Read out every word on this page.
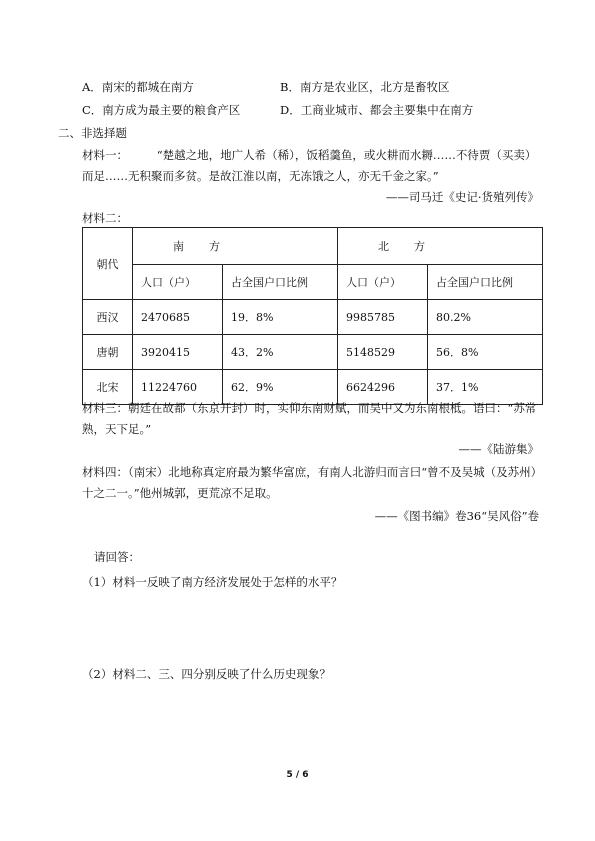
A．南宋的都城在南方	B．南方是农业区，北方是畜牧区
C．南方成为最主要的粮食产区	D．工商业城市、都会主要集中在南方
二、非选择题
材料一：　　　“楚越之地，地广人希（稀），饭稻羹鱼，或火耕而水耨……不待贾（买卖）而足……无积聚而多贫。是故江淮以南，无冻饿之人，亦无千金之家。”
——司马迁《史记·货殖列传》
材料二：
朝代	南　　方		北　　方	
	人口（户）	占全国户口比例	人口（户）	占全国户口比例
西汉	2470685	19．8%	9985785	80.2%
唐朝	3920415	43．2%	5148529	56．8%
北宋	11224760	62．9%	6624296	37．1%
材料三：朝廷在故都（东京开封）时，实仰东南财赋，而吴中又为东南根柢。语曰：“苏常熟，天下足。”
——《陆游集》
材料四：（南宋）北地称真定府最为繁华富庶，有南人北游归而言曰“曾不及吴城（及苏州）十之二一。”他州城郭，更荒凉不足取。
——《图书编》卷36“吴风俗”卷
请回答：
（1）材料一反映了南方经济发展处于怎样的水平？
（2）材料二、三、四分别反映了什么历史现象？
5 / 6
